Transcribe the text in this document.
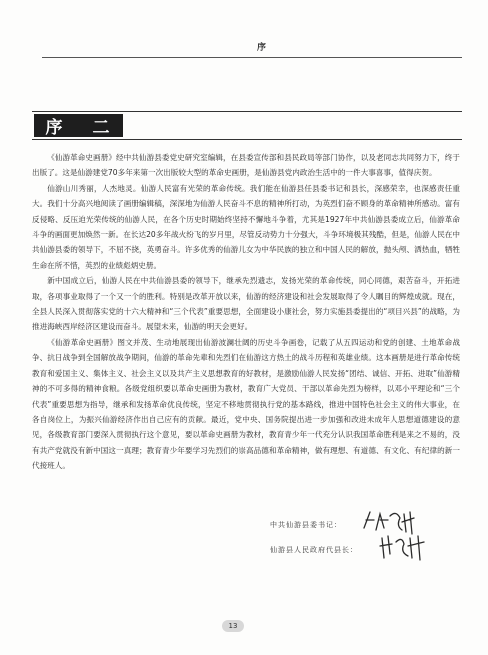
序
序 二

《仙游革命史画册》经中共仙游县委党史研究室编辑，在县委宣传部和县民政局等部门协作，以及老同志共同努力下，终于出版了。这是仙游建党70多年来第一次出版较大型的革命史画册，是仙游县党内政治生活中的一件大事喜事，值得庆贺。

仙游山川秀丽，人杰地灵。仙游人民富有光荣的革命传统。我们能在仙游县任县委书记和县长，深感荣幸，也深感责任重大。我们十分高兴地阅读了画册编辑稿，深深地为仙游人民奋斗不息的精神所打动，为英烈们奋不顾身的革命精神所感动。富有反侵略、反压迫光荣传统的仙游人民，在各个历史时期始终坚持不懈地斗争着，尤其是1927年中共仙游县委成立后，仙游革命斗争的画面更加焕然一新。在长达20多年战火纷飞的岁月里，尽管反动势力十分强大，斗争环境极其残酷，但是，仙游人民在中共仙游县委的领导下，不屈不挠，英勇奋斗。许多优秀的仙游儿女为中华民族的独立和中国人民的解放，抛头颅、洒热血，牺牲生命在所不惜，英烈的业绩彪炳史册。

新中国成立后，仙游人民在中共仙游县委的领导下，继承先烈遗志，发扬光荣的革命传统，同心同德，艰苦奋斗，开拓进取，各项事业取得了一个又一个的胜利。特别是改革开放以来，仙游的经济建设和社会发展取得了令人瞩目的辉煌成就。现在，全县人民深入贯彻落实党的十六大精神和“三个代表”重要思想，全面建设小康社会，努力实施县委提出的“项目兴县”的战略，为推进海峡西岸经济区建设而奋斗。展望未来，仙游的明天会更好。

《仙游革命史画册》图文并茂、生动地展现出仙游波澜壮阔的历史斗争画卷，记载了从五四运动和党的创建、土地革命战争、抗日战争到全国解放战争期间，仙游的革命先辈和先烈们在仙游这方热土的战斗历程和英雄业绩。这本画册是进行革命传统教育和爱国主义、集体主义、社会主义以及共产主义思想教育的好教材，是激励仙游人民发扬“团结、诚信、开拓、进取”仙游精神的不可多得的精神食粮。各级党组织要以革命史画册为教材，教育广大党员、干部以革命先烈为榜样，以邓小平理论和“三个代表”重要思想为指导，继承和发扬革命优良传统，坚定不移地贯彻执行党的基本路线，推进中国特色社会主义的伟大事业，在各自岗位上，为振兴仙游经济作出自己应有的贡献。最近，党中央、国务院提出进一步加强和改进未成年人思想道德建设的意见，各级教育部门要深入贯彻执行这个意见，要以革命史画册为教材，教育青少年一代充分认识我国革命胜利是来之不易的，没有共产党就没有新中国这一真理；教育青少年要学习先烈们的崇高品德和革命精神，做有理想、有道德、有文化、有纪律的新一代接班人。

中共仙游县委书记：
仙游县人民政府代县长：
13
